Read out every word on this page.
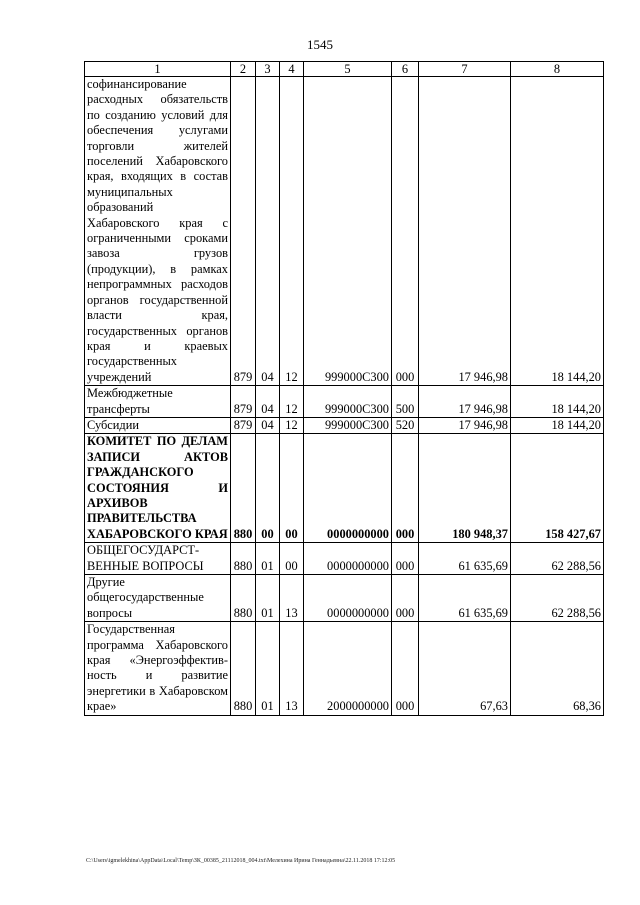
1545
1	2	3	4	5	6	7	8
софинансирование расходных обязательств по созданию условий для обеспечения услугами торговли жителей поселений Хабаровского края, входящих в состав муниципальных образований Хабаровского края с ограниченными сроками завоза грузов (продукции), в рамках непрограммных расходов органов государственной власти края, государственных органов края и краевых государственных учреждений	879	04	12	999000С300	000	17 946,98	18 144,20
Межбюджетные трансферты	879	04	12	999000С300	500	17 946,98	18 144,20
Субсидии	879	04	12	999000С300	520	17 946,98	18 144,20
КОМИТЕТ ПО ДЕЛАМ ЗАПИСИ АКТОВ ГРАЖДАНСКОГО СОСТОЯНИЯ И АРХИВОВ ПРАВИТЕЛЬСТВА ХАБАРОВСКОГО КРАЯ	880	00	00	0000000000	000	180 948,37	158 427,67
ОБЩЕГОСУДАРСТ-ВЕННЫЕ ВОПРОСЫ	880	01	00	0000000000	000	61 635,69	62 288,56
Другие общегосударственные вопросы	880	01	13	0000000000	000	61 635,69	62 288,56
Государственная программа Хабаровского края «Энергоэффектив-ность и развитие энергетики в Хабаровском крае»	880	01	13	2000000000	000	67,63	68,36
C:\Users\igmelekhina\AppData\Local\Temp\ЗК_00385_21112018_004.txt\Мелехина Ирина Геннадьевна\22.11.2018 17:12:05
